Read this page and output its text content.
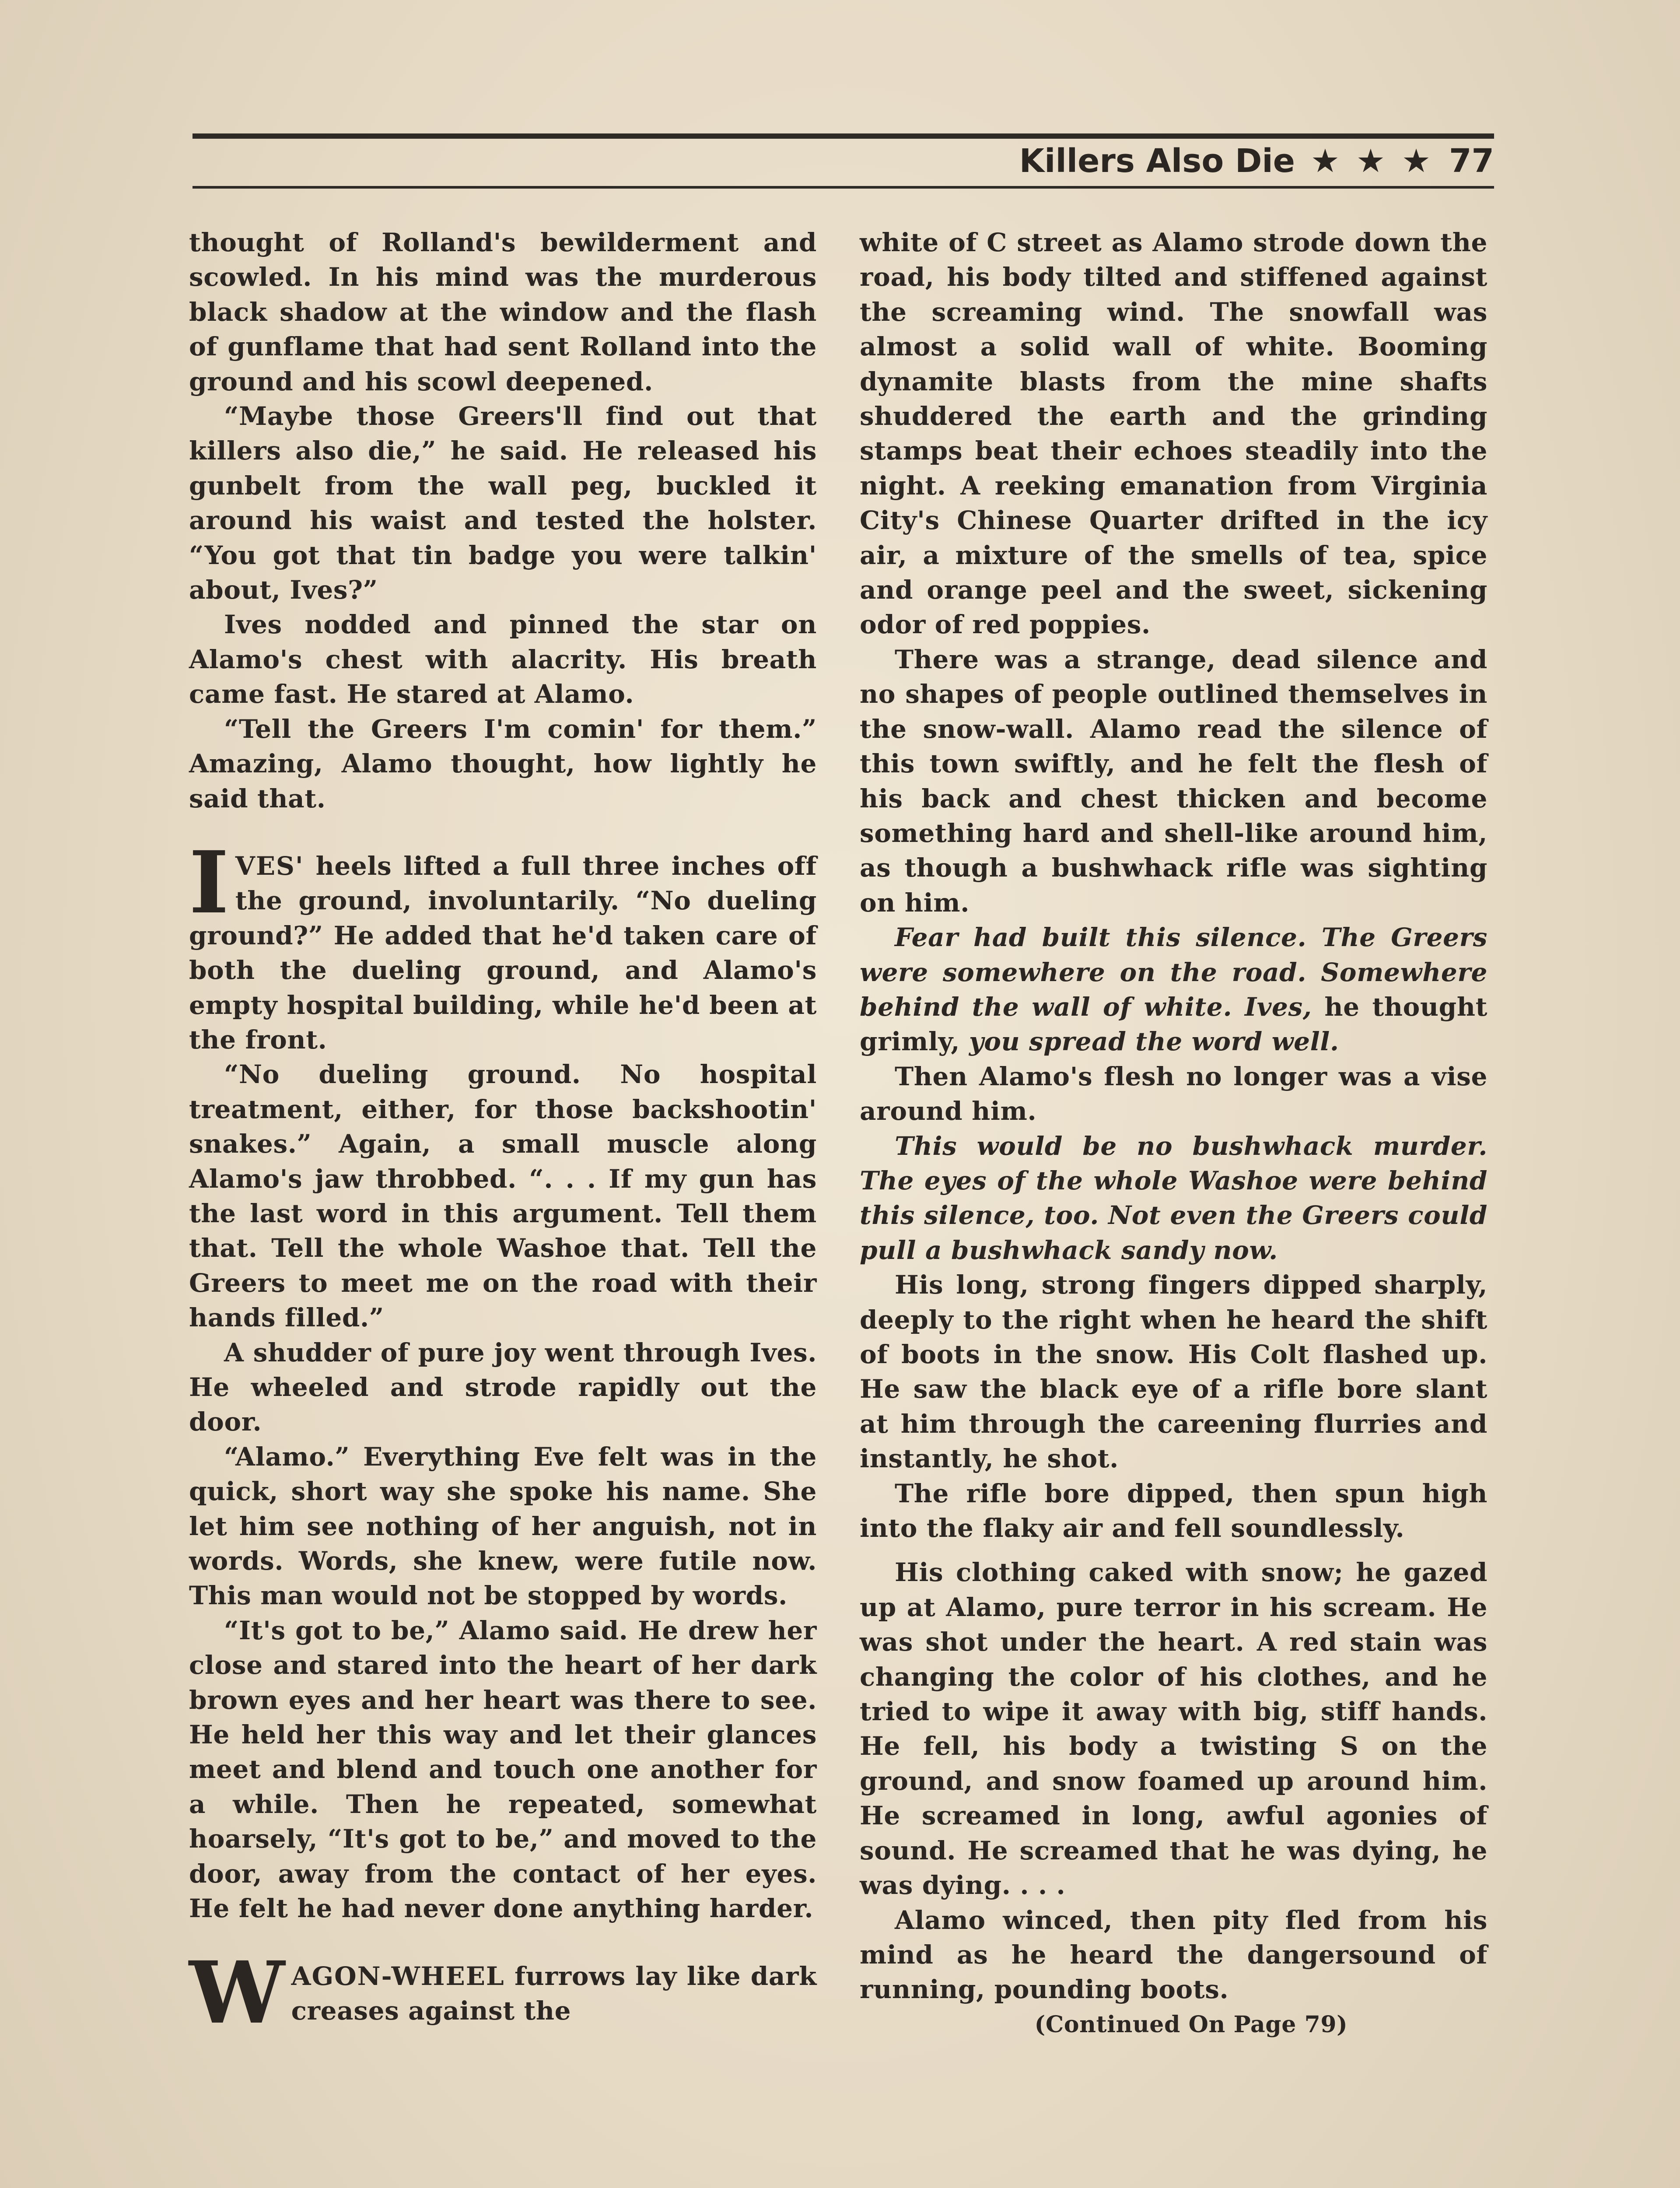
Killers Also Die ★ ★ ★ 77

thought of Rolland's bewilderment and scowled. In his mind was the murderous black shadow at the window and the flash of gunflame that had sent Rolland into the ground and his scowl deepened.

“Maybe those Greers'll find out that killers also die,” he said. He released his gunbelt from the wall peg, buckled it around his waist and tested the holster. “You got that tin badge you were talkin' about, Ives?”

Ives nodded and pinned the star on Alamo's chest with alacrity. His breath came fast. He stared at Alamo.

“Tell the Greers I'm comin' for them.” Amazing, Alamo thought, how lightly he said that.

IVES' heels lifted a full three inches off the ground, involuntarily. “No dueling ground?” He added that he'd taken care of both the dueling ground, and Alamo's empty hospital building, while he'd been at the front.

“No dueling ground. No hospital treatment, either, for those backshootin' snakes.” Again, a small muscle along Alamo's jaw throbbed. “. . . If my gun has the last word in this argument. Tell them that. Tell the whole Washoe that. Tell the Greers to meet me on the road with their hands filled.”

A shudder of pure joy went through Ives. He wheeled and strode rapidly out the door.

“Alamo.” Everything Eve felt was in the quick, short way she spoke his name. She let him see nothing of her anguish, not in words. Words, she knew, were futile now. This man would not be stopped by words.

“It's got to be,” Alamo said. He drew her close and stared into the heart of her dark brown eyes and her heart was there to see. He held her this way and let their glances meet and blend and touch one another for a while. Then he repeated, somewhat hoarsely, “It's got to be,” and moved to the door, away from the contact of her eyes. He felt he had never done anything harder.

WAGON-WHEEL furrows lay like dark creases against the

white of C street as Alamo strode down the road, his body tilted and stiffened against the screaming wind. The snowfall was almost a solid wall of white. Booming dynamite blasts from the mine shafts shuddered the earth and the grinding stamps beat their echoes steadily into the night. A reeking emanation from Virginia City's Chinese Quarter drifted in the icy air, a mixture of the smells of tea, spice and orange peel and the sweet, sickening odor of red poppies.

There was a strange, dead silence and no shapes of people outlined themselves in the snow-wall. Alamo read the silence of this town swiftly, and he felt the flesh of his back and chest thicken and become something hard and shell-like around him, as though a bushwhack rifle was sighting on him.

Fear had built this silence. The Greers were somewhere on the road. Somewhere behind the wall of white. Ives, he thought grimly, you spread the word well.

Then Alamo's flesh no longer was a vise around him.

This would be no bushwhack murder. The eyes of the whole Washoe were behind this silence, too. Not even the Greers could pull a bushwhack sandy now.

His long, strong fingers dipped sharply, deeply to the right when he heard the shift of boots in the snow. His Colt flashed up. He saw the black eye of a rifle bore slant at him through the careening flurries and instantly, he shot.

The rifle bore dipped, then spun high into the flaky air and fell soundlessly.

His clothing caked with snow; he gazed up at Alamo, pure terror in his scream. He was shot under the heart. A red stain was changing the color of his clothes, and he tried to wipe it away with big, stiff hands. He fell, his body a twisting S on the ground, and snow foamed up around him. He screamed in long, awful agonies of sound. He screamed that he was dying, he was dying. . . .

Alamo winced, then pity fled from his mind as he heard the dangersound of running, pounding boots.

(Continued On Page 79)
